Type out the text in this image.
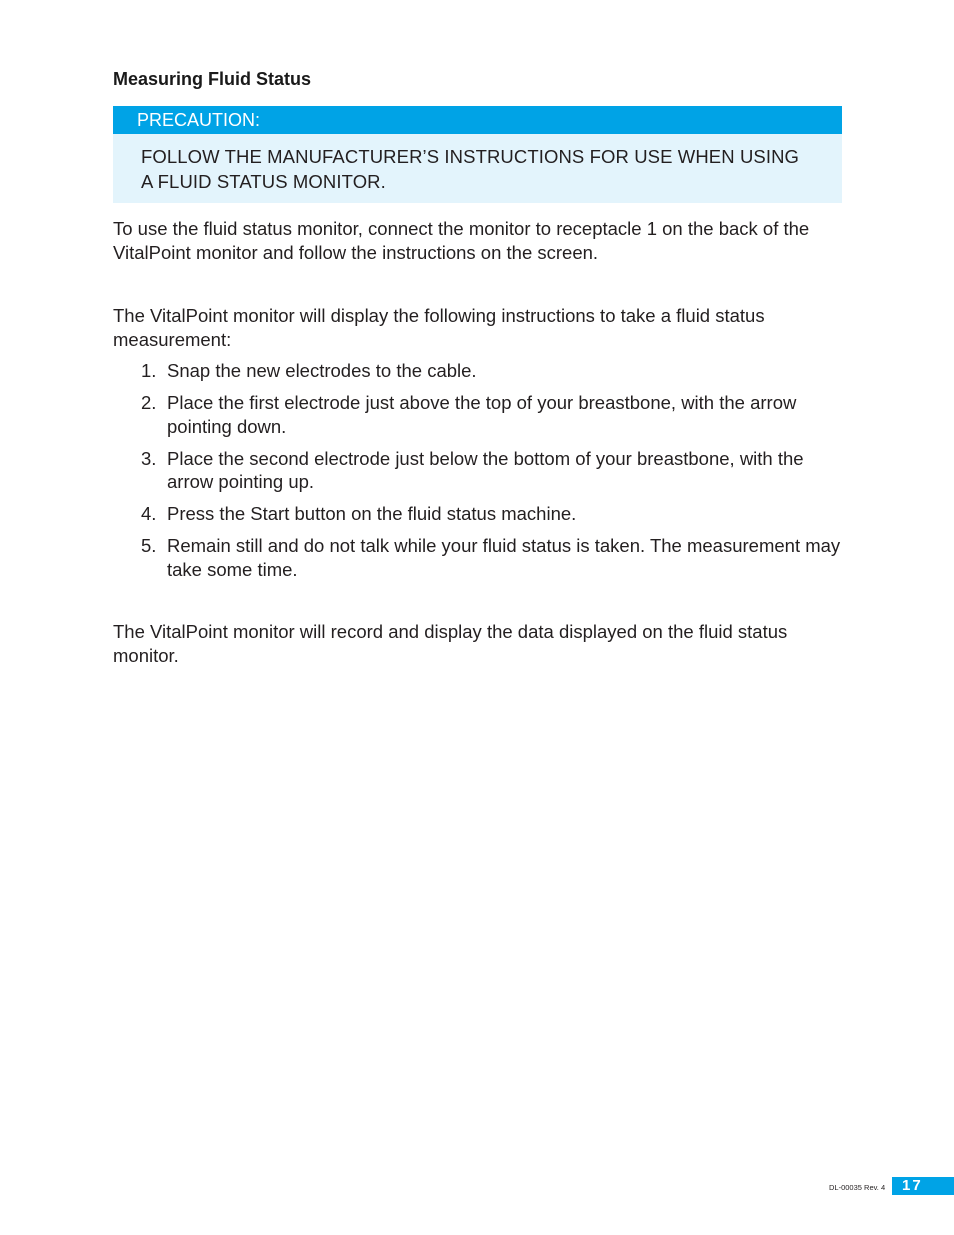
Measuring Fluid Status
PRECAUTION:
FOLLOW THE MANUFACTURER’S INSTRUCTIONS FOR USE WHEN USING A FLUID STATUS MONITOR.

To use the fluid status monitor, connect the monitor to receptacle 1 on the back of the VitalPoint monitor and follow the instructions on the screen.

The VitalPoint monitor will display the following instructions to take a fluid status measurement:

1. Snap the new electrodes to the cable.
2. Place the first electrode just above the top of your breastbone, with the arrow pointing down.
3. Place the second electrode just below the bottom of your breastbone, with the arrow pointing up.
4. Press the Start button on the fluid status machine.
5. Remain still and do not talk while your fluid status is taken. The measurement may take some time.

The VitalPoint monitor will record and display the data displayed on the fluid status monitor.

DL-00035 Rev. 4	17
